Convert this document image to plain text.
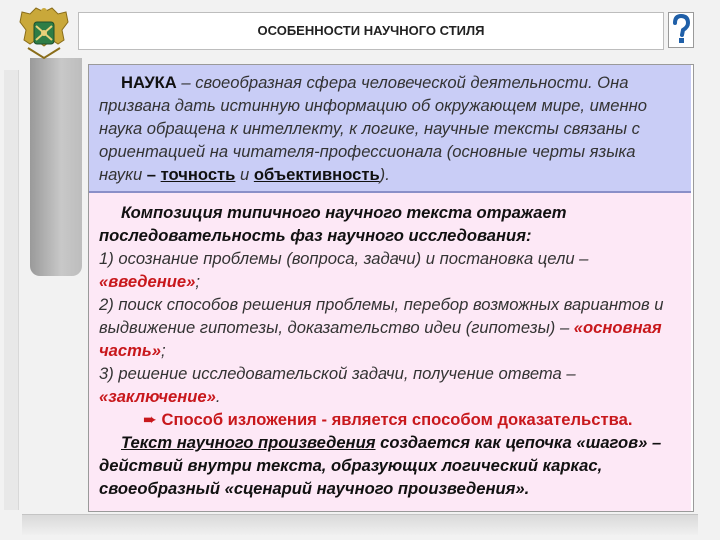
ОСОБЕННОСТИ НАУЧНОГО СТИЛЯ
НАУКА – своеобразная сфера человеческой деятельности. Она призвана дать истинную информацию об окружающем мире, именно наука обращена к интеллекту, к логике, научные тексты связаны с ориентацией на читателя-профессионала (основные черты языка науки – точность и объективность).
Композиция типичного научного текста отражает последовательность фаз научного исследования:
1) осознание проблемы (вопроса, задачи) и постановка цели – «введение»;
2) поиск способов решения проблемы, перебор возможных вариантов и выдвижение гипотезы, доказательство идеи (гипотезы) – «основная часть»;
3) решение исследовательской задачи, получение ответа – «заключение».
➨ Способ изложения - является способом доказательства.
Текст научного произведения создается как цепочка «шагов» – действий внутри текста, образующих логический каркас, своеобразный «сценарий научного произведения».
